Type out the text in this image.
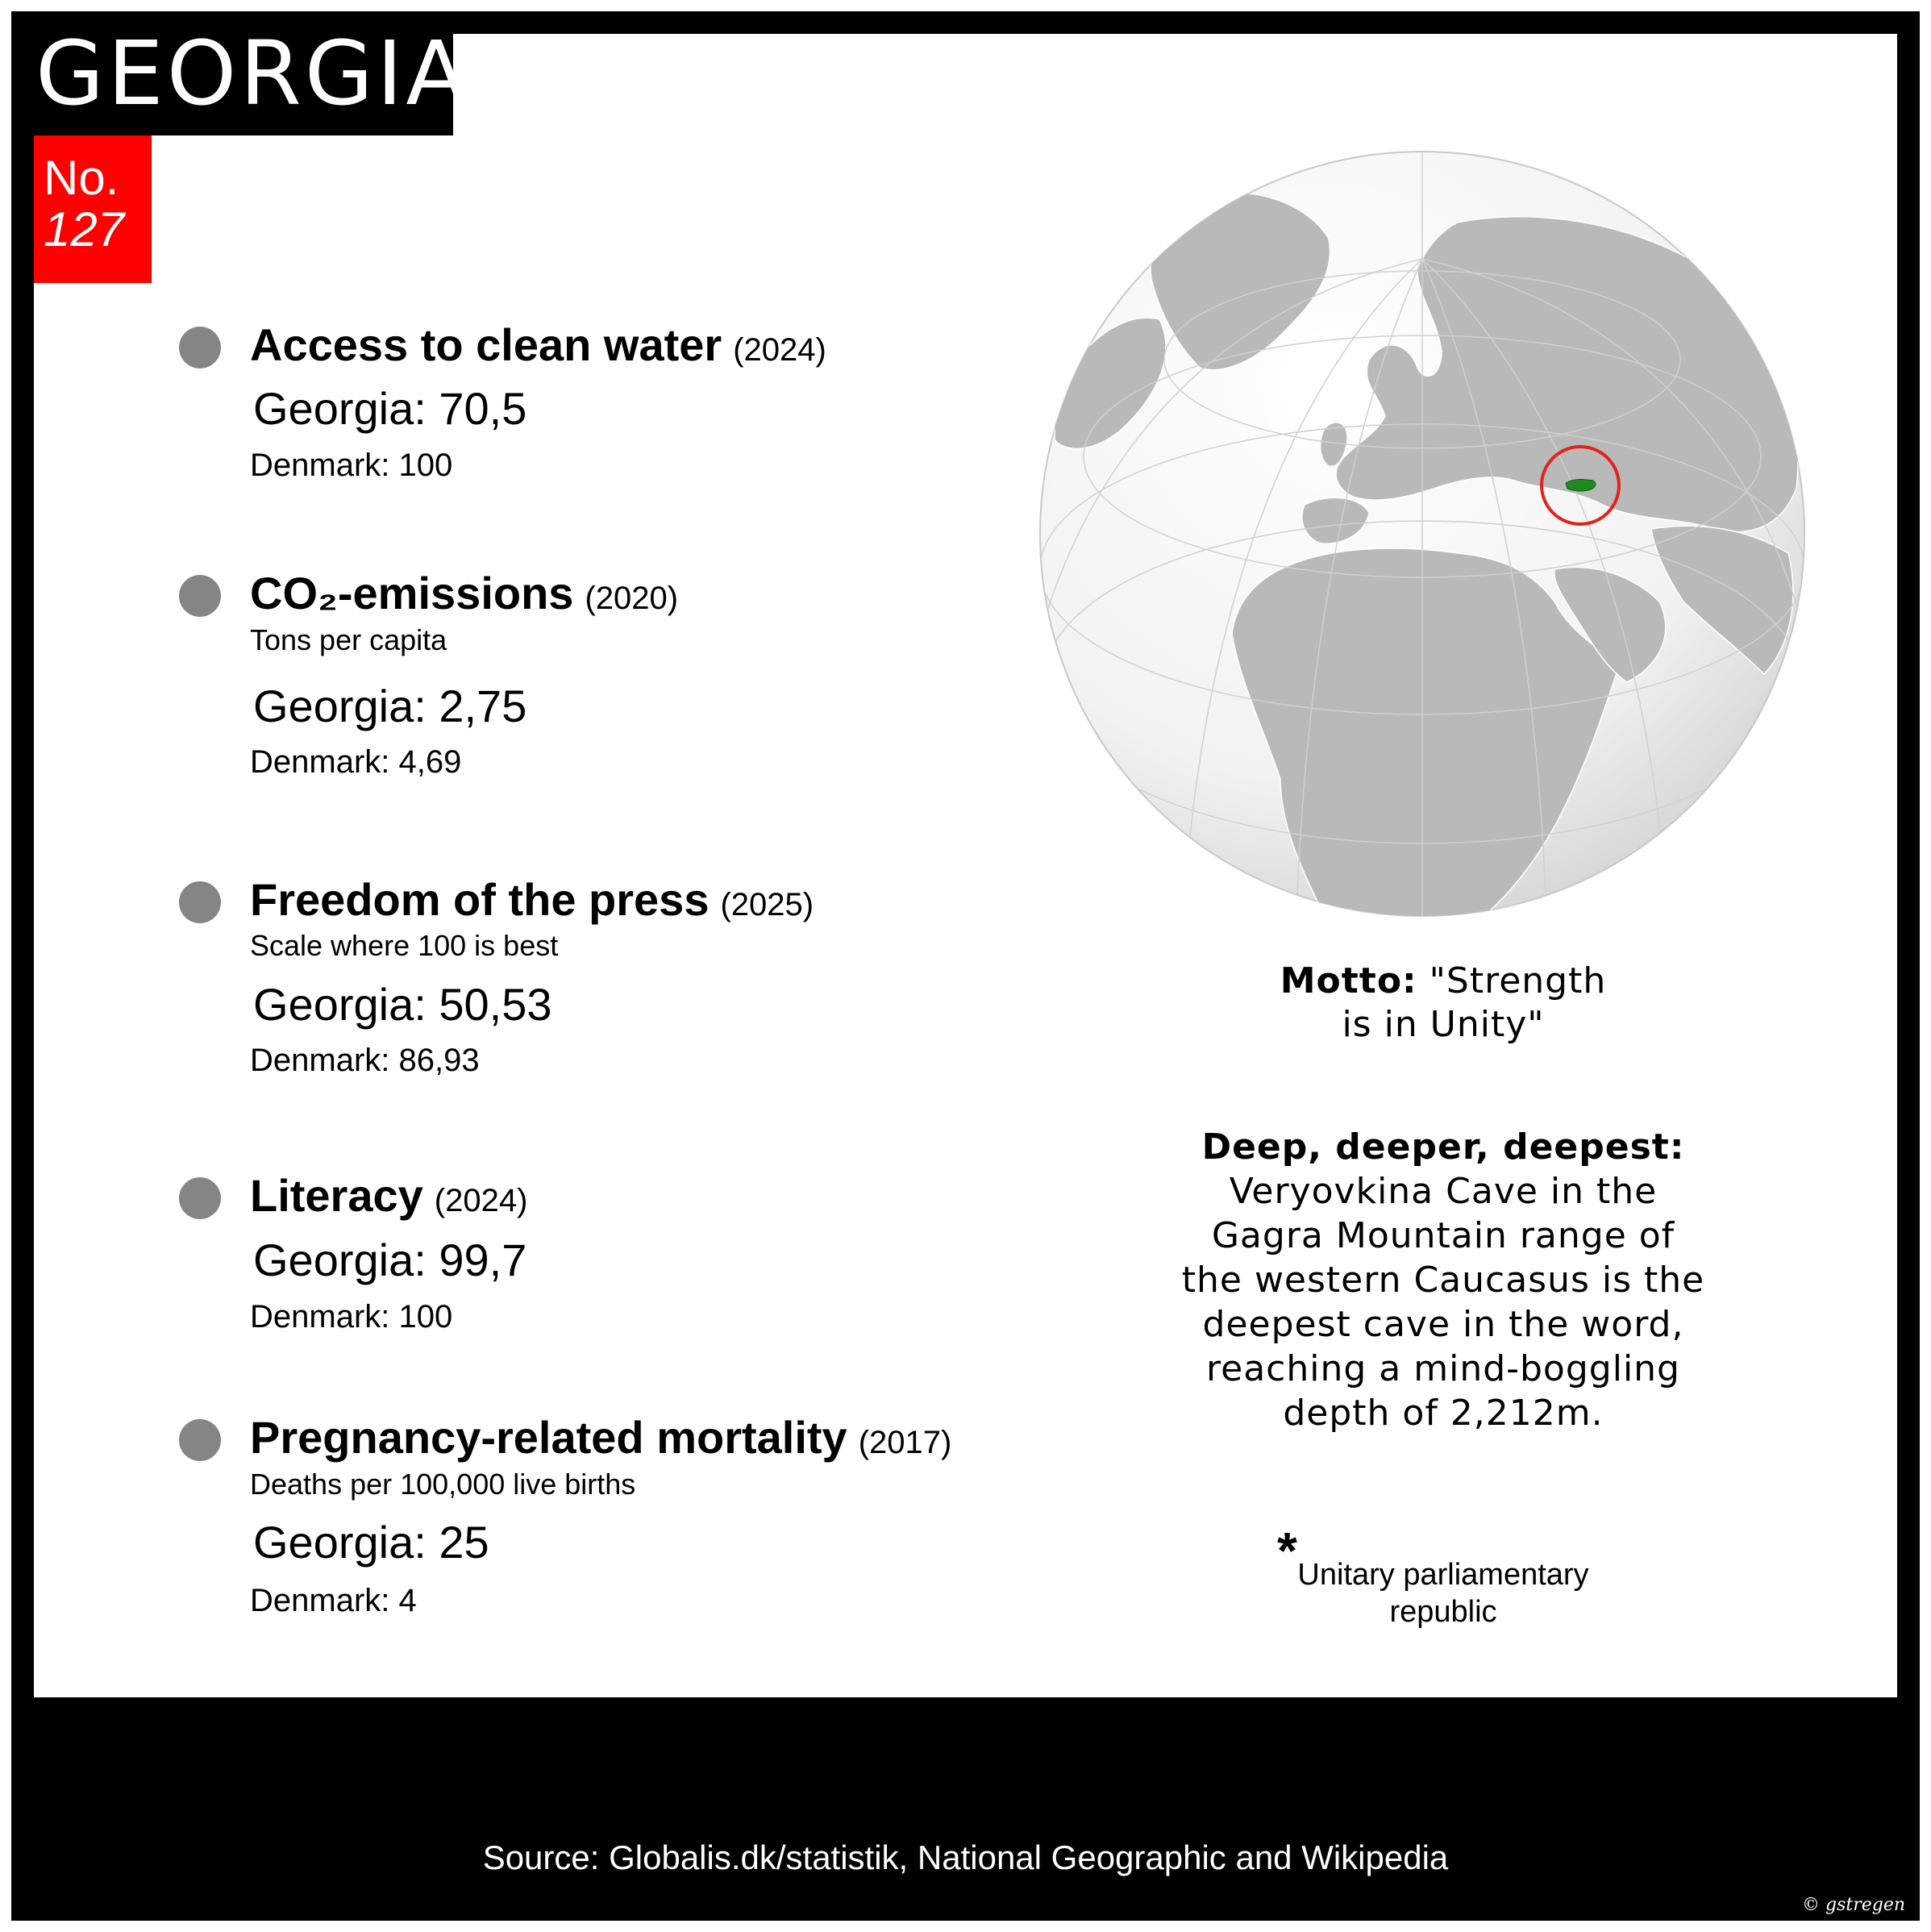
GEORGIA
No.
127
Access to clean water (2024)
Georgia: 70,5
Denmark: 100
CO₂-emissions (2020)
Tons per capita
Georgia: 2,75
Denmark: 4,69
Freedom of the press (2025)
Scale where 100 is best
Georgia: 50,53
Denmark: 86,93
Literacy (2024)
Georgia: 99,7
Denmark: 100
Pregnancy-related mortality (2017)
Deaths per 100,000 live births
Georgia: 25
Denmark: 4
Motto: "Strength
is in Unity"
Deep, deeper, deepest:
Veryovkina Cave in the
Gagra Mountain range of
the western Caucasus is the
deepest cave in the word,
reaching a mind-boggling
depth of 2,212m.
* Unitary parliamentary
republic
Source: Globalis.dk/statistik, National Geographic and Wikipedia
© gstregen
